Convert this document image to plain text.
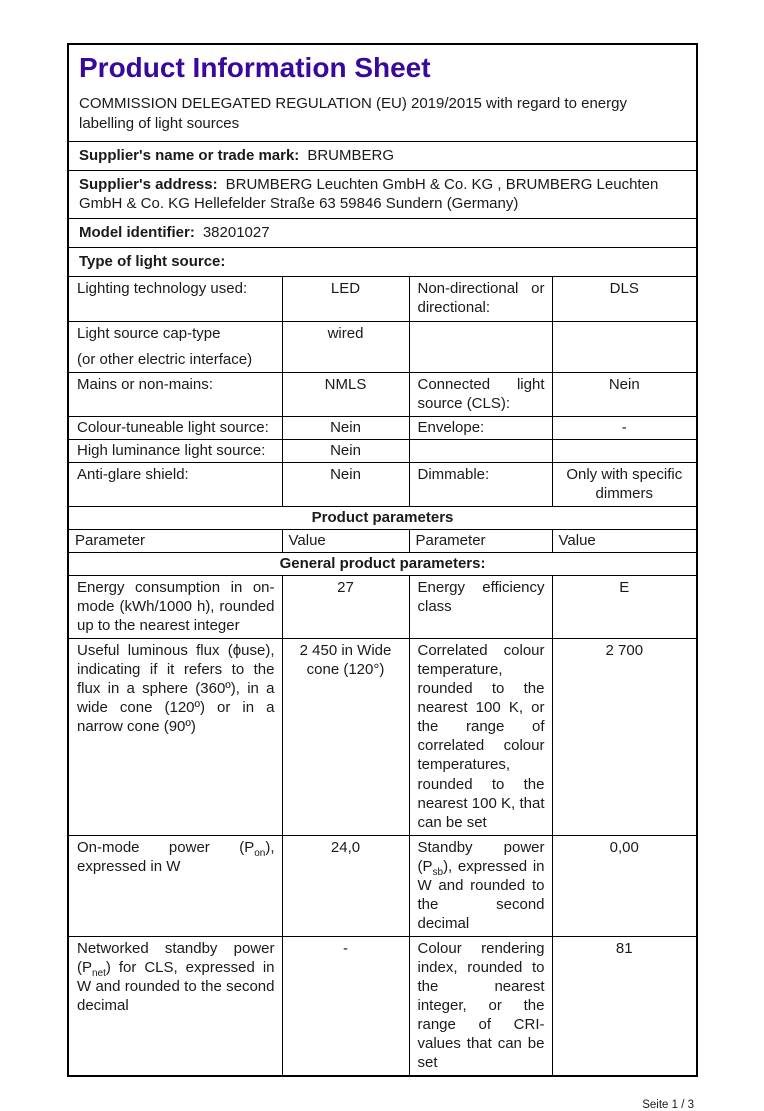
Product Information Sheet

COMMISSION DELEGATED REGULATION (EU) 2019/2015 with regard to energy labelling of light sources

Supplier's name or trade mark: BRUMBERG			
Supplier's address: BRUMBERG Leuchten GmbH & Co. KG , BRUMBERG Leuchten GmbH & Co. KG Hellefelder Straße 63 59846 Sundern (Germany)			
Model identifier: 38201027			
Type of light source:			
Lighting technology used:	LED	Non-directional or directional:	DLS

Light source cap-type
(or other electric interface)	wired		
Mains or non-mains:	NMLS	Connected light source (CLS):	Nein
Colour-tuneable light source:	Nein	Envelope:	-
High luminance light source:	Nein		
Anti-glare shield:	Nein	Dimmable:	Only with specific dimmers
Product parameters			
Parameter	Value	Parameter	Value
General product parameters:			
Energy consumption in on-mode (kWh/1000 h), rounded up to the nearest integer	27	Energy efficiency class	E
Useful luminous flux (ϕuse), indicating if it refers to the flux in a sphere (360º), in a wide cone (120º) or in a narrow cone (90º)	2 450 in Wide cone (120°)	Correlated colour temperature, rounded to the nearest 100 K, or the range of correlated colour temperatures, rounded to the nearest 100 K, that can be set	2 700
On-mode power $(P_{on})$, expressed in W	24,0	Standby power $(P_{sb})$, expressed in W and rounded to the second decimal	0,00
Networked standby power $(P_{net})$ for CLS, expressed in W and rounded to the second decimal	-	Colour rendering index, rounded to the nearest integer, or the range of CRI-values that can be set	81
Seite 1 / 3
